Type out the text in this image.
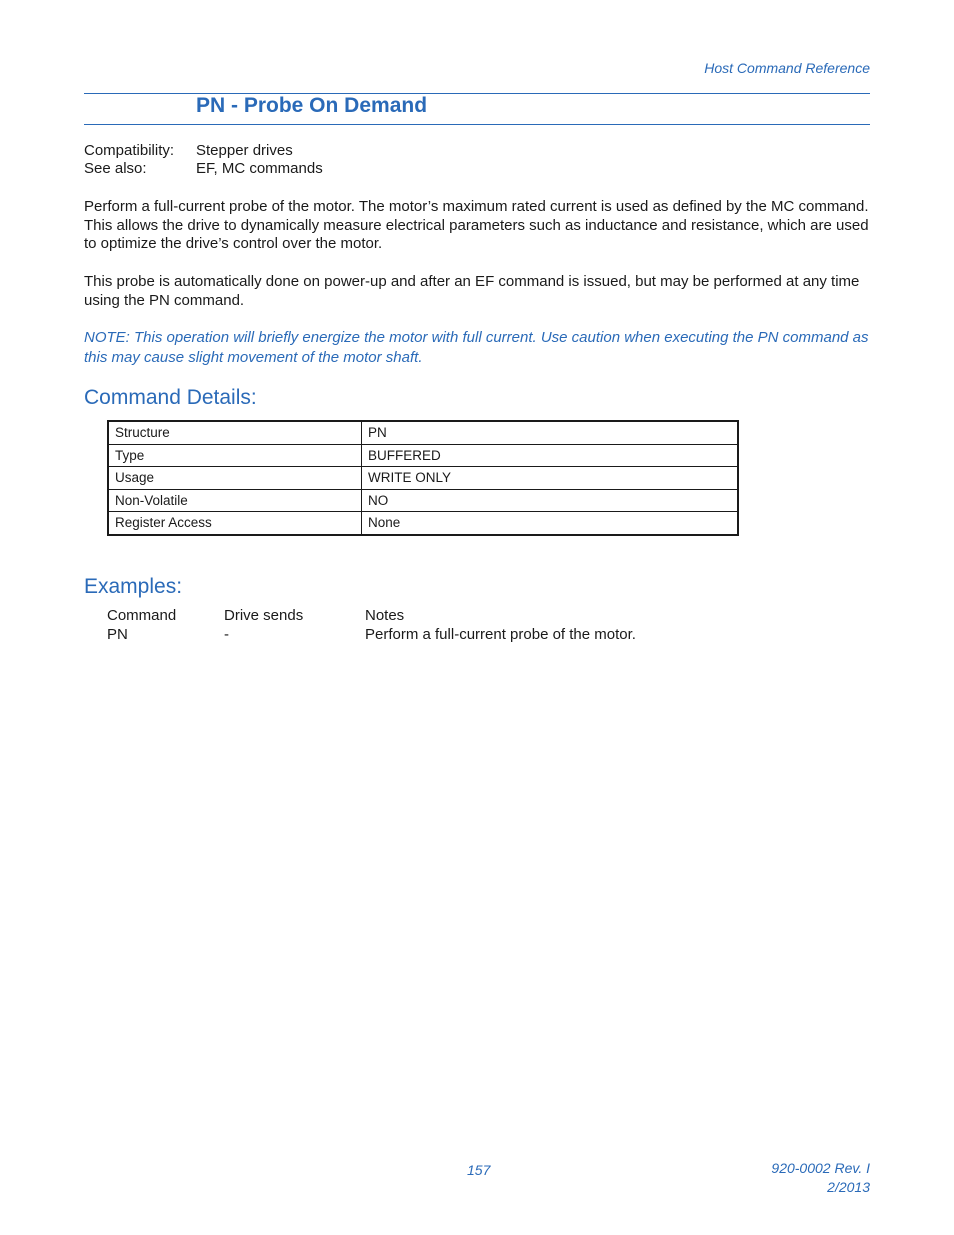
Host Command Reference
PN - Probe On Demand
Compatibility: Stepper drives
See also:	EF, MC commands

Perform a full-current probe of the motor. The motor’s maximum rated current is used as defined by the MC command. This allows the drive to dynamically measure electrical parameters such as inductance and resistance, which are used to optimize the drive’s control over the motor.

This probe is automatically done on power-up and after an EF command is issued, but may be performed at any time using the PN command.

NOTE: This operation will briefly energize the motor with full current. Use caution when executing the PN command as this may cause slight movement of the motor shaft.

Command Details:
Structure	PN
Type	BUFFERED
Usage	WRITE ONLY
Non-Volatile	NO
Register Access	None
Examples:
Command	Drive sends	Notes
PN	-	Perform a full-current probe of the motor.
157	920-0002 Rev. I
2/2013
